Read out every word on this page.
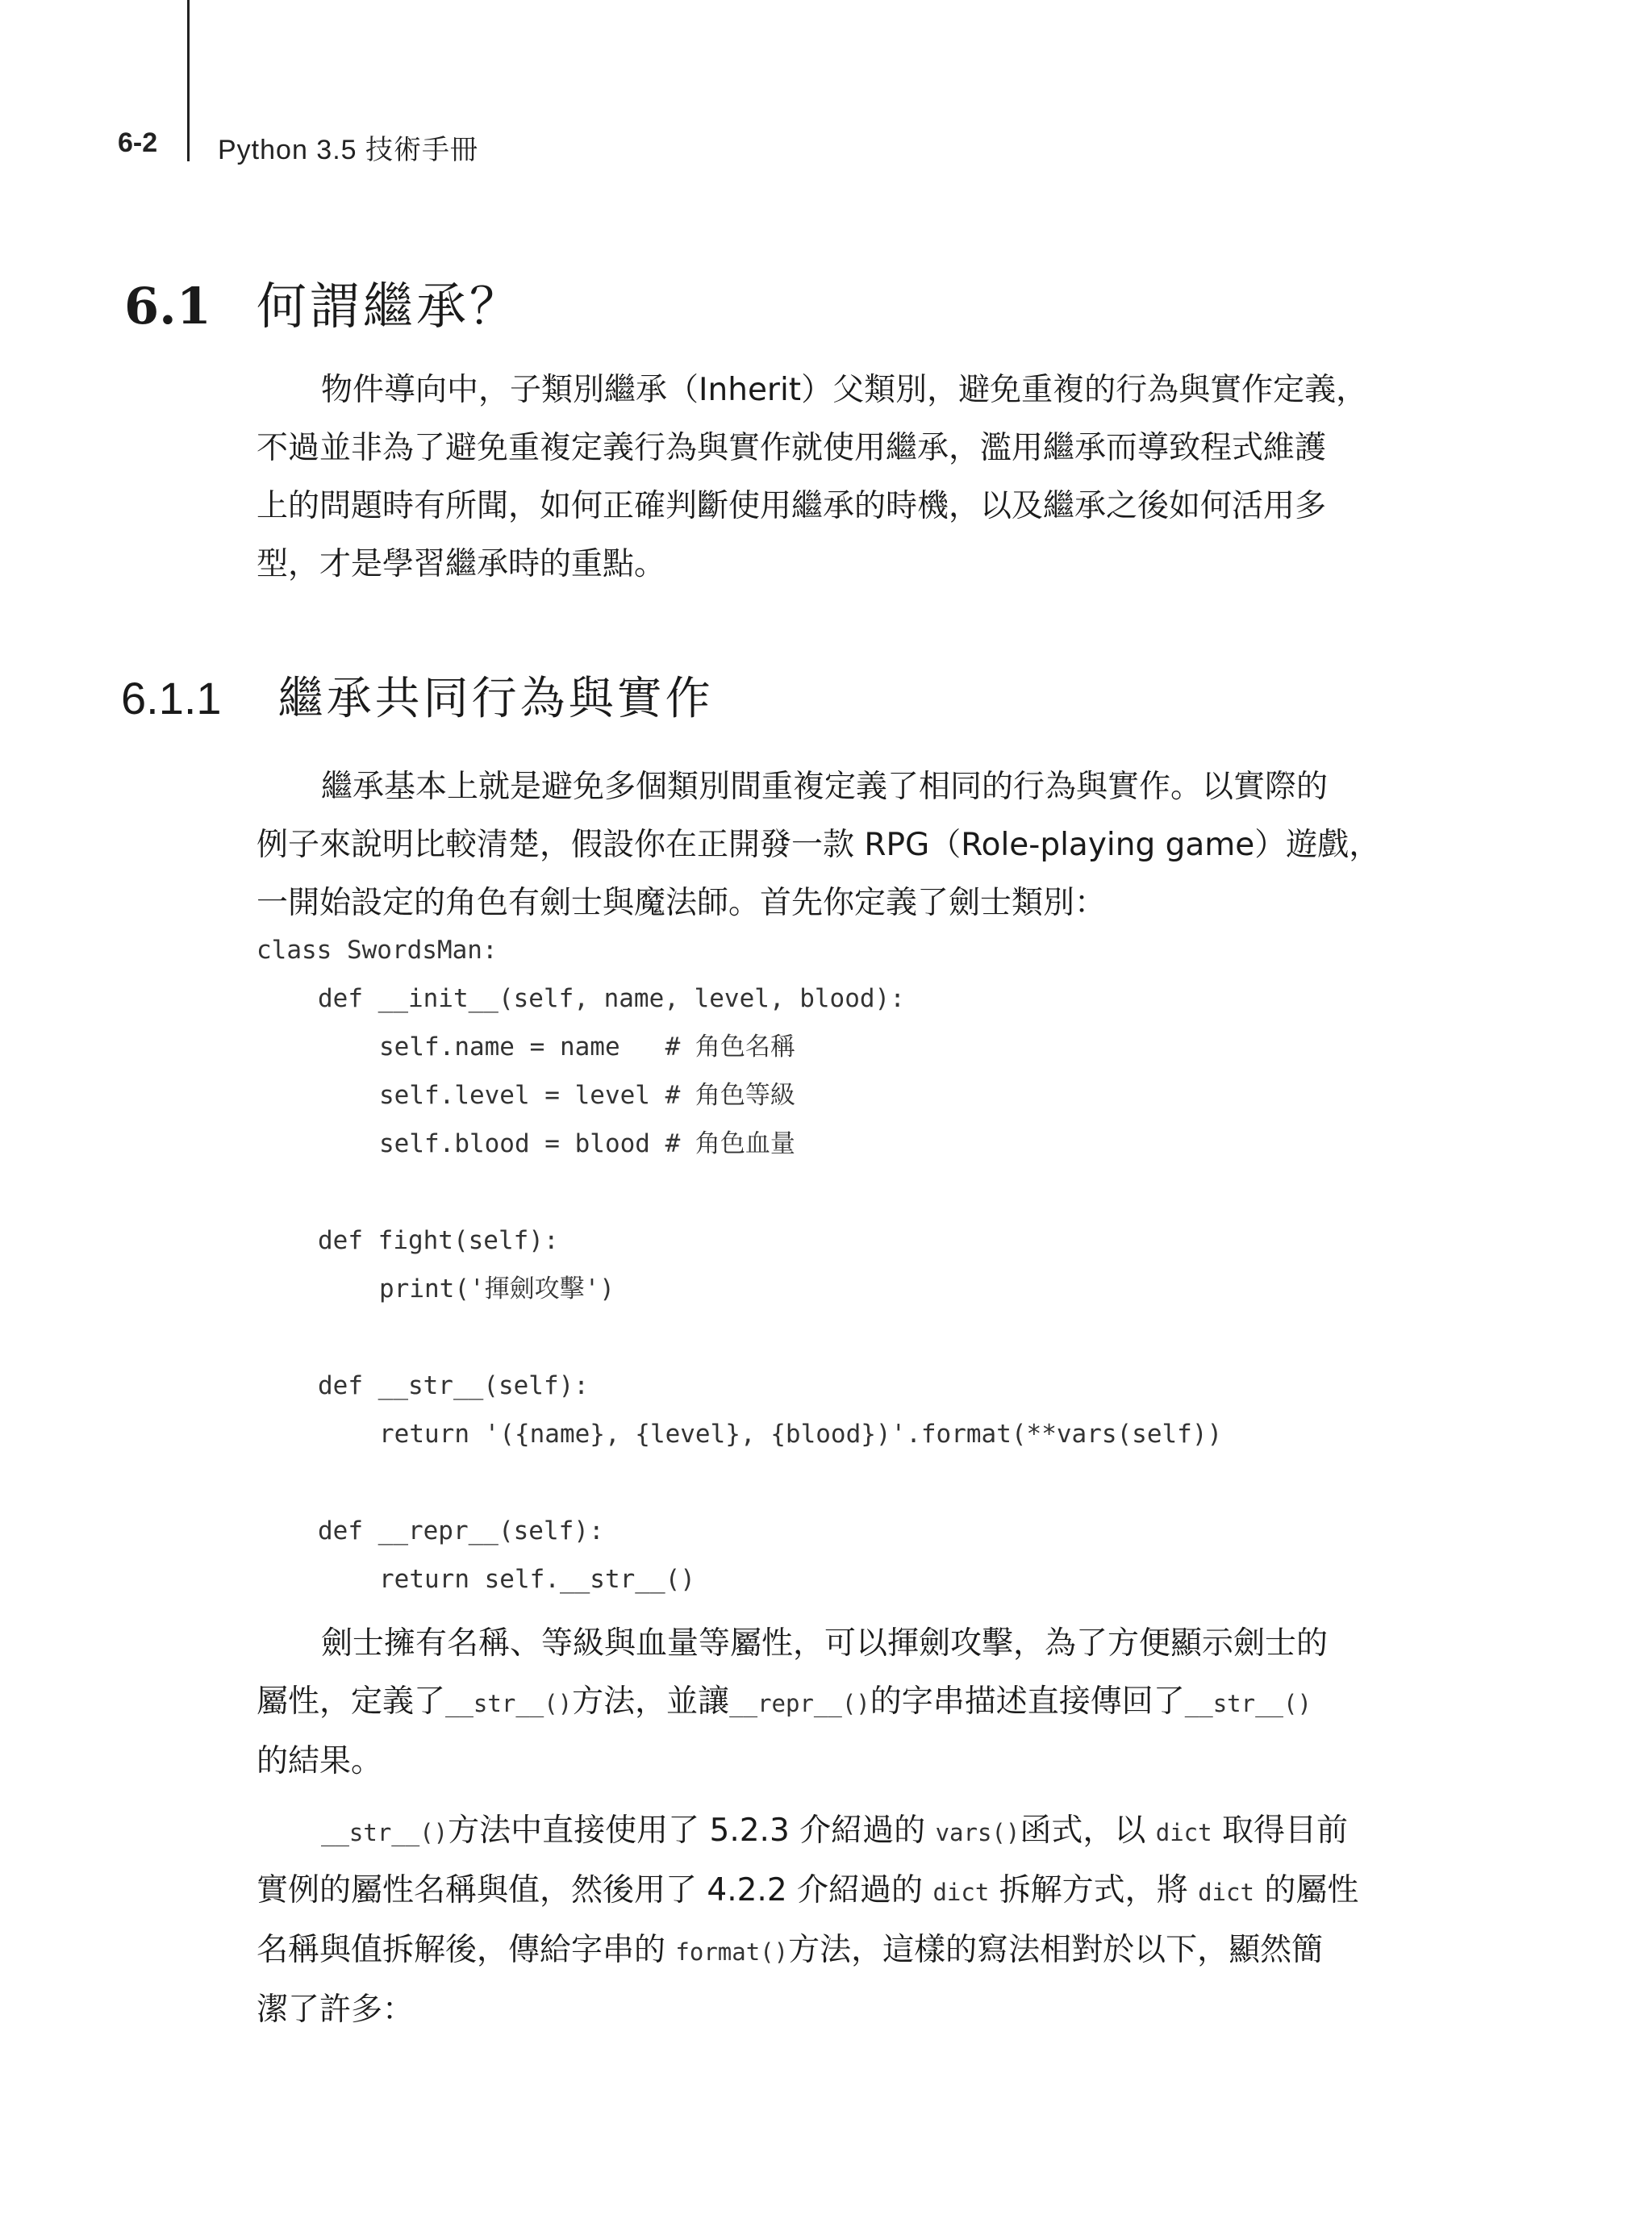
6-2 Python 3.5 技術手冊
6.1 何謂繼承？
物件導向中，子類別繼承（Inherit）父類別，避免重複的行為與實作定義，
不過並非為了避免重複定義行為與實作就使用繼承，濫用繼承而導致程式維護
上的問題時有所聞，如何正確判斷使用繼承的時機，以及繼承之後如何活用多
型，才是學習繼承時的重點。
6.1.1 繼承共同行為與實作
繼承基本上就是避免多個類別間重複定義了相同的行為與實作。以實際的
例子來說明比較清楚，假設你在正開發一款 RPG（Role-playing game）遊戲，
一開始設定的角色有劍士與魔法師。首先你定義了劍士類別：
class SwordsMan:
def __init__(self, name, level, blood):
self.name = name   # 角色名稱
self.level = level # 角色等級
self.blood = blood # 角色血量
def fight(self):
print('揮劍攻擊')
def __str__(self):
return '({name}, {level}, {blood})'.format(**vars(self))
def __repr__(self):
return self.__str__()
劍士擁有名稱、等級與血量等屬性，可以揮劍攻擊，為了方便顯示劍士的
屬性，定義了__str__()方法，並讓__repr__()的字串描述直接傳回了__str__()
的結果。
__str__()方法中直接使用了 5.2.3 介紹過的 vars()函式，以 dict 取得目前
實例的屬性名稱與值，然後用了 4.2.2 介紹過的 dict 拆解方式，將 dict 的屬性
名稱與值拆解後，傳給字串的 format()方法，這樣的寫法相對於以下，顯然簡
潔了許多：
